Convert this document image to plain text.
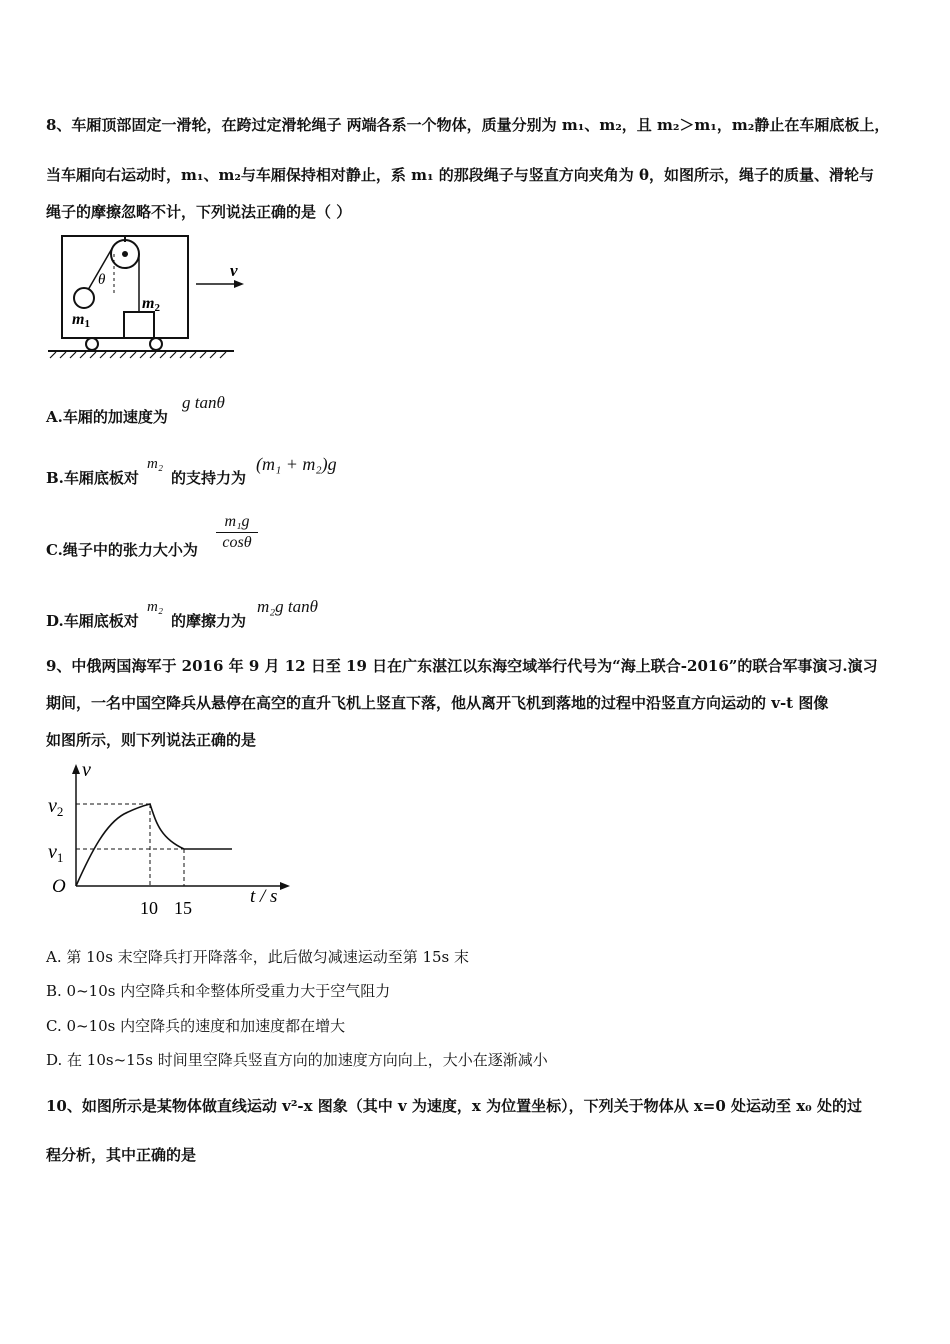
8、车厢顶部固定一滑轮，在跨过定滑轮绳子 两端各系一个物体，质量分别为 m₁、m₂，且 m₂＞m₁，m₂静止在车厢底板上，
当车厢向右运动时，m₁、m₂与车厢保持相对静止，系 m₁ 的那段绳子与竖直方向夹角为 θ，如图所示，绳子的质量、滑轮与
绳子的摩擦忽略不计，下列说法正确的是（ ）
θ
m1
m2
v
A.车厢的加速度为
g tanθ
B.车厢底板对
m₂
的支持力为
(m₁ + m₂)g
C.绳子中的张力大小为 $\frac{\text{m₁g}}{\cos\theta}$
D.车厢底板对
m₂
的摩擦力为
m₂g tanθ
9、中俄两国海军于 2016 年 9 月 12 日至 19 日在广东湛江以东海空域举行代号为“海上联合-2016”的联合军事演习.演习
期间，一名中国空降兵从悬停在高空的直升飞机上竖直下落，他从离开飞机到落地的过程中沿竖直方向运动的 v-t 图像
如图所示，则下列说法正确的是
v
t / s
O
$v_2$
$v_1$
10 15
A. 第 10s 末空降兵打开降落伞，此后做匀减速运动至第 15s 末
B. 0~10s 内空降兵和伞整体所受重力大于空气阻力
C. 0~10s 内空降兵的速度和加速度都在增大
D. 在 10s~15s 时间里空降兵竖直方向的加速度方向向上，大小在逐渐减小
10、如图所示是某物体做直线运动 v²-x 图象（其中 v 为速度，x 为位置坐标），下列关于物体从 x=0 处运动至 x₀ 处的过
程分析，其中正确的是
